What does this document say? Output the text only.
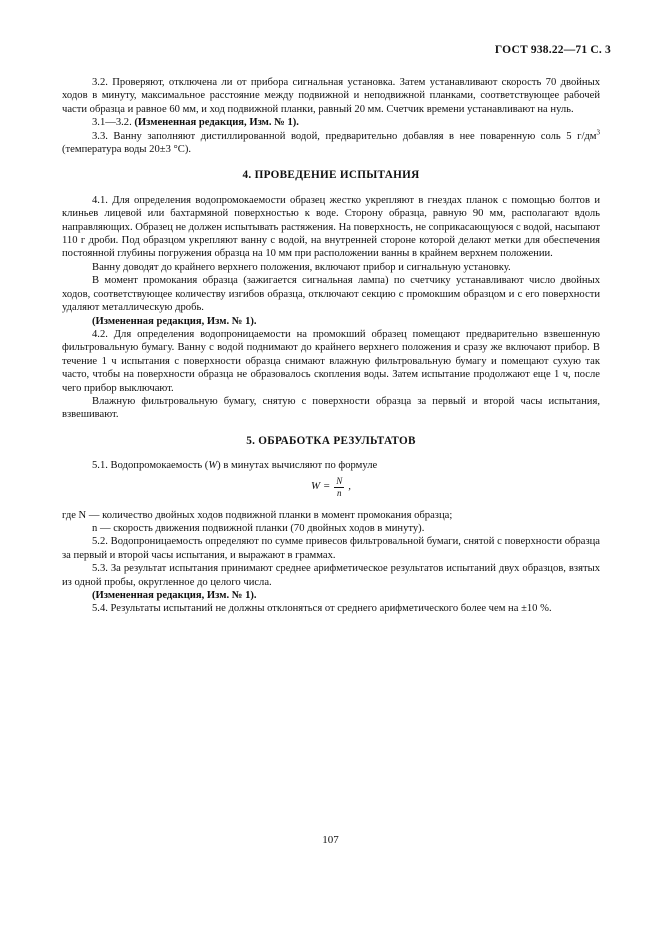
ГОСТ 938.22—71 С. 3

3.2. Проверяют, отключена ли от прибора сигнальная установка. Затем устанавливают скорость 70 двойных ходов в минуту, максимальное расстояние между подвижной и неподвижной планками, соответствующее рабочей части образца и равное 60 мм, и ход подвижной планки, равный 20 мм. Счетчик времени устанавливают на нуль.

3.1—3.2. (Измененная редакция, Изм. № 1).

3.3. Ванну заполняют дистиллированной водой, предварительно добавляя в нее поваренную соль 5 $г/дм^3$ (температура воды 20±3 °С).

4. ПРОВЕДЕНИЕ ИСПЫТАНИЯ

4.1. Для определения водопромокаемости образец жестко укрепляют в гнездах планок с помощью болтов и клиньев лицевой или бахтармяной поверхностью к воде. Сторону образца, равную 90 мм, располагают вдоль направляющих. Образец не должен испытывать растяжения. На поверхность, не соприкасающуюся с водой, насыпают 110 г дроби. Под образцом укрепляют ванну с водой, на внутренней стороне которой делают метки для обеспечения постоянной глубины погружения образца на 10 мм при расположении ванны в крайнем верхнем положении.

Ванну доводят до крайнего верхнего положения, включают прибор и сигнальную установку.

В момент промокания образца (зажигается сигнальная лампа) по счетчику устанавливают число двойных ходов, соответствующее количеству изгибов образца, отключают секцию с промокшим образцом и с его поверхности удаляют металлическую дробь.

(Измененная редакция, Изм. № 1).

4.2. Для определения водопроницаемости на промокший образец помещают предварительно взвешенную фильтровальную бумагу. Ванну с водой поднимают до крайнего верхнего положения и сразу же включают прибор. В течение 1 ч испытания с поверхности образца снимают влажную фильтровальную бумагу и помещают сухую так часто, чтобы на поверхности образца не образовалось скопления воды. Затем испытание продолжают еще 1 ч, после чего прибор выключают.

Влажную фильтровальную бумагу, снятую с поверхности образца за первый и второй часы испытания, взвешивают.

5. ОБРАБОТКА РЕЗУЛЬТАТОВ

5.1. Водопромокаемость (W) в минутах вычисляют по формуле

$W = \frac{N}{n}$ ,

где N — количество двойных ходов подвижной планки в момент промокания образца;

n — скорость движения подвижной планки (70 двойных ходов в минуту).

5.2. Водопроницаемость определяют по сумме привесов фильтровальной бумаги, снятой с поверхности образца за первый и второй часы испытания, и выражают в граммах.

5.3. За результат испытания принимают среднее арифметическое результатов испытаний двух образцов, взятых из одной пробы, округленное до целого числа.

(Измененная редакция, Изм. № 1).

5.4. Результаты испытаний не должны отклоняться от среднего арифметического более чем на ±10 %.

107
